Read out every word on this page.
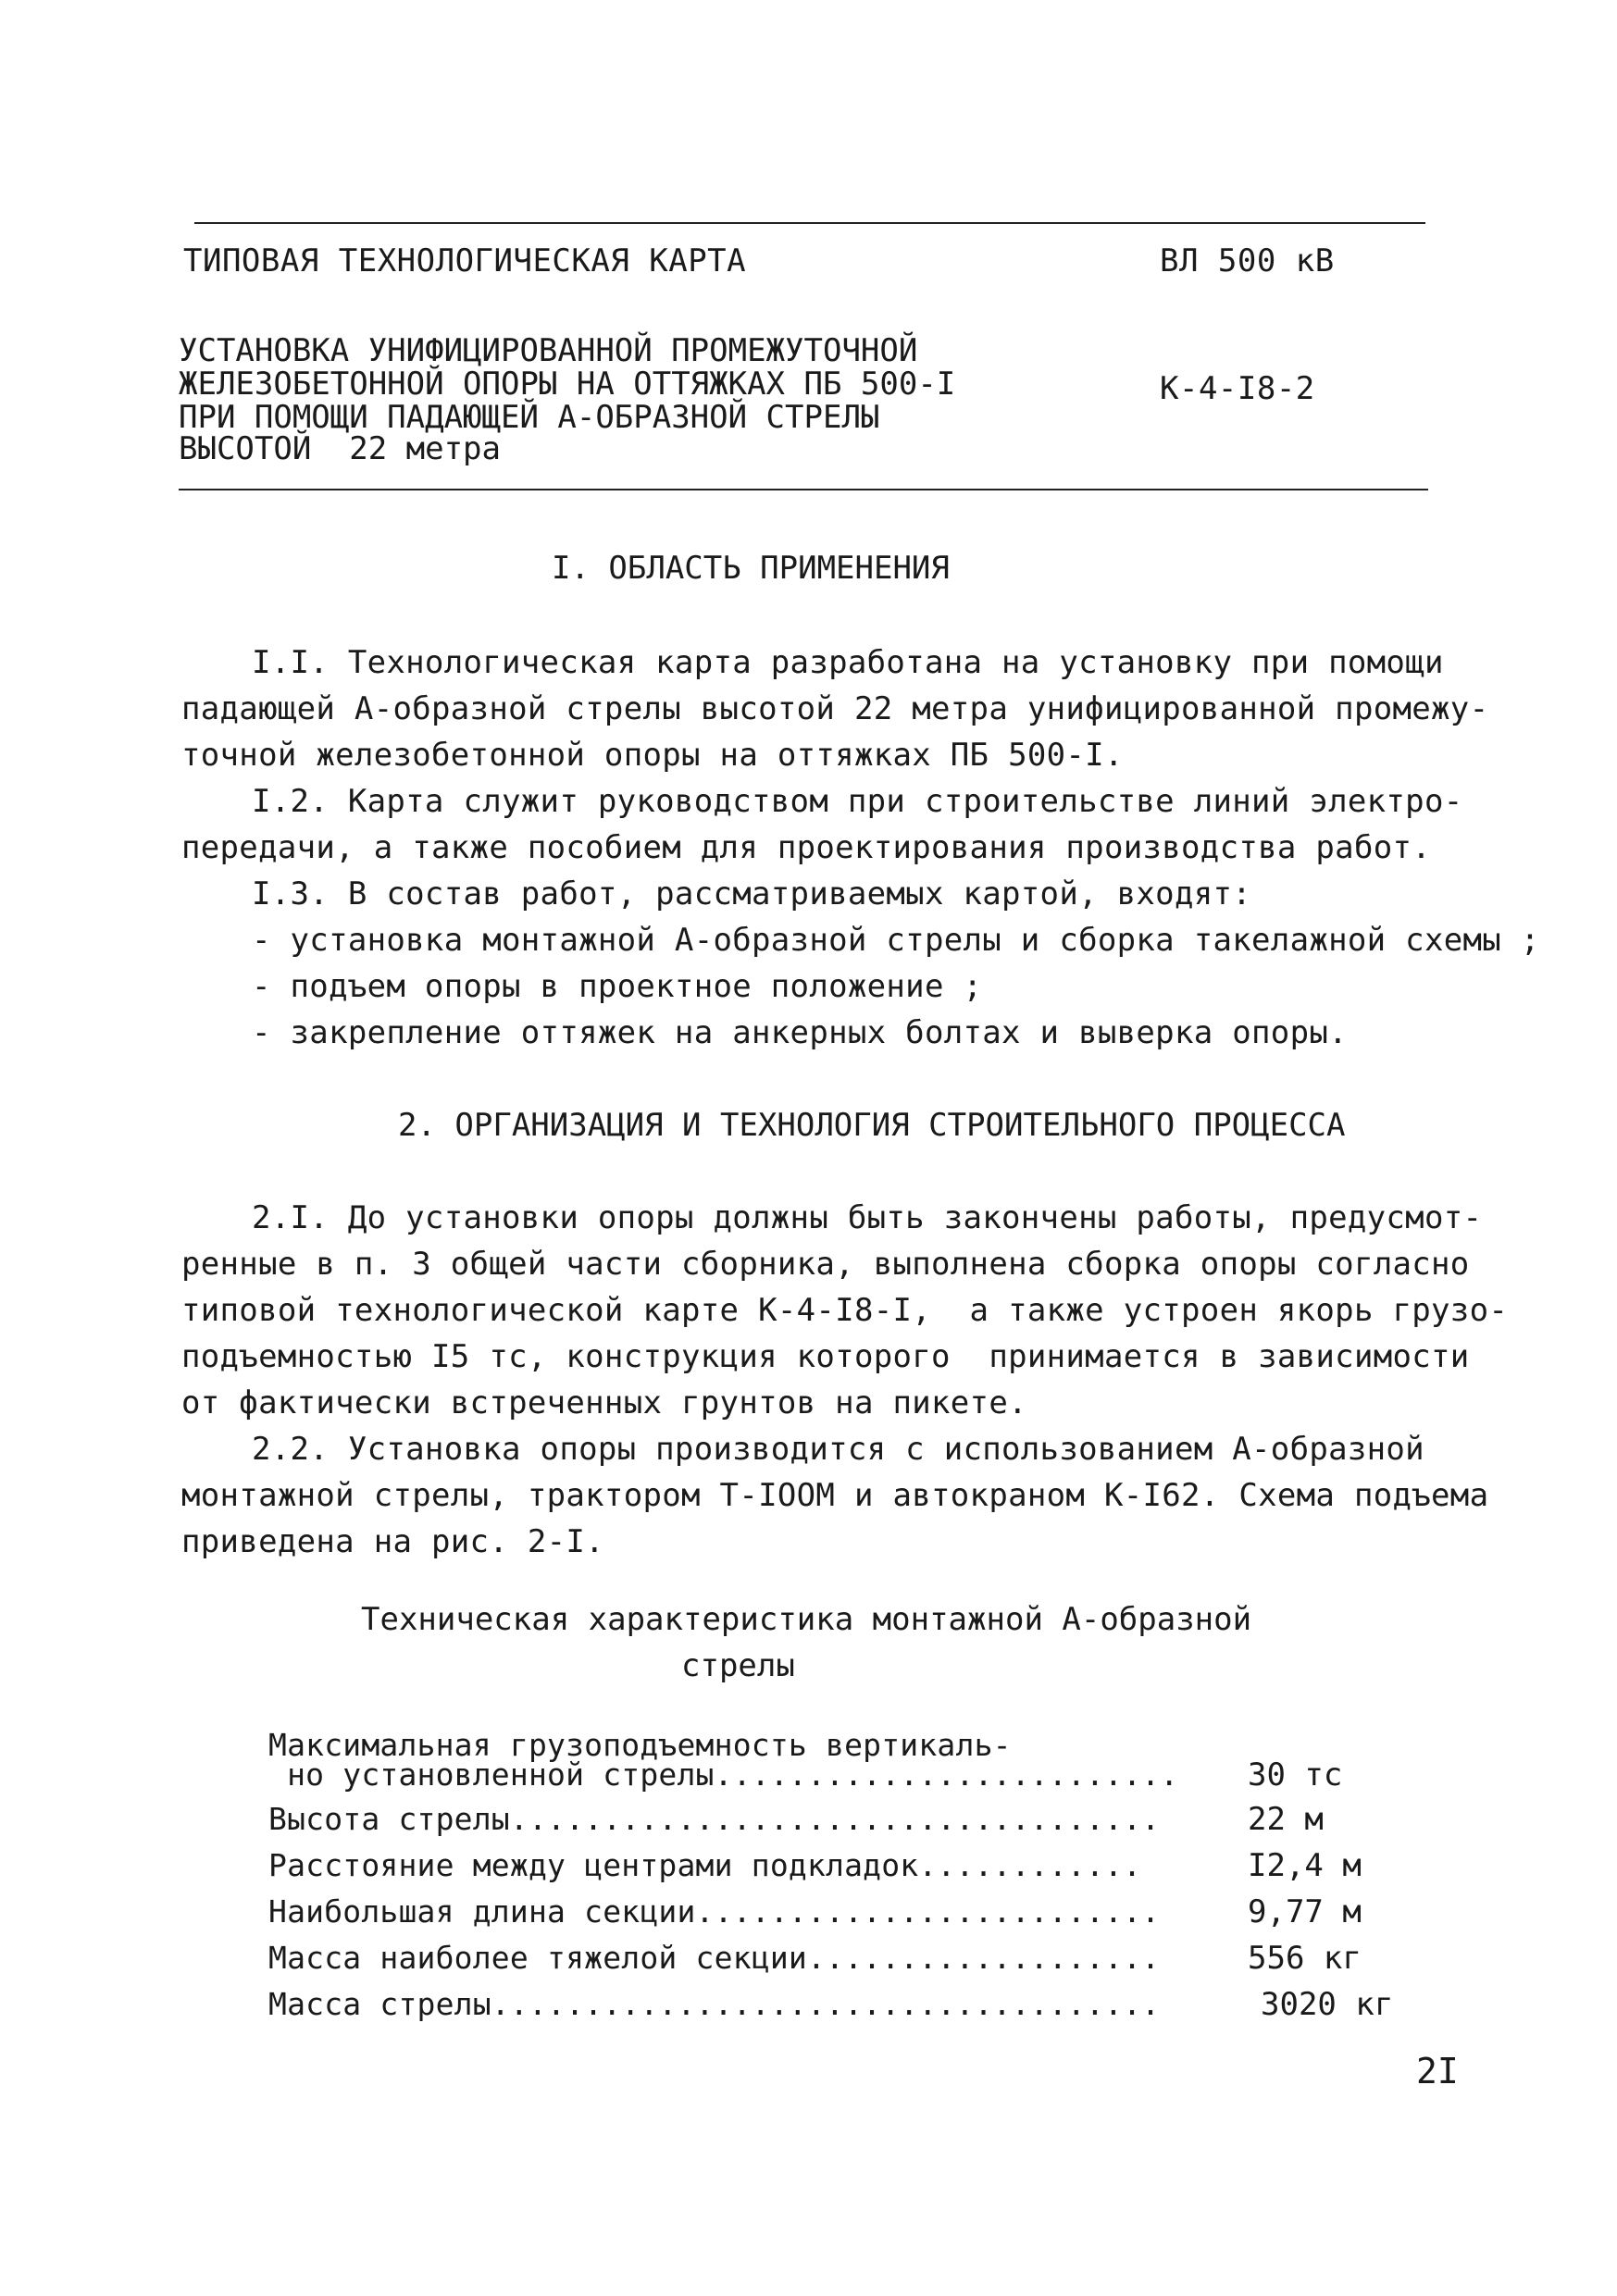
ТИПОВАЯ ТЕХНОЛОГИЧЕСКАЯ КАРТА	ВЛ 500 кВ
УСТАНОВКА УНИФИЦИРОВАННОЙ ПРОМЕЖУТОЧНОЙ
ЖЕЛЕЗОБЕТОННОЙ ОПОРЫ НА ОТТЯЖКАХ ПБ 500-I
ПРИ ПОМОЩИ ПАДАЮЩЕЙ А-ОБРАЗНОЙ СТРЕЛЫ
ВЫСОТОЙ  22 метра
К-4-I8-2
I. ОБЛАСТЬ ПРИМЕНЕНИЯ
I.I. Технологическая карта разработана на установку при помощи
падающей А-образной стрелы высотой 22 метра унифицированной промежу-
точной железобетонной опоры на оттяжках ПБ 500-I.
I.2. Карта служит руководством при строительстве линий электро-
передачи, а также пособием для проектирования производства работ.
I.3. В состав работ, рассматриваемых картой, входят:
- установка монтажной А-образной стрелы и сборка такелажной схемы ;
- подъем опоры в проектное положение ;
- закрепление оттяжек на анкерных болтах и выверка опоры.
2. ОРГАНИЗАЦИЯ И ТЕХНОЛОГИЯ СТРОИТЕЛЬНОГО ПРОЦЕССА
2.I. До установки опоры должны быть закончены работы, предусмот-
ренные в п. 3 общей части сборника, выполнена сборка опоры согласно
типовой технологической карте К-4-I8-I,  а также устроен якорь грузо-
подъемностью I5 тс, конструкция которого  принимается в зависимости
от фактически встреченных грунтов на пикете.
2.2. Установка опоры производится с использованием А-образной
монтажной стрелы, трактором Т-IOOM и автокраном К-I62. Схема подъема
приведена на рис. 2-I.
Техническая характеристика монтажной А-образной
стрелы
Максимальная грузоподъемность вертикаль-
но установленной стрелы......................... 30 тс
Высота стрелы...................................	22 м
Расстояние между центрами подкладок............	I2,4 м
Наибольшая длина секции.........................	9,77 м
Масса наиболее тяжелой секции...................	556 кг
Масса стрелы....................................	3020 кг
2I
